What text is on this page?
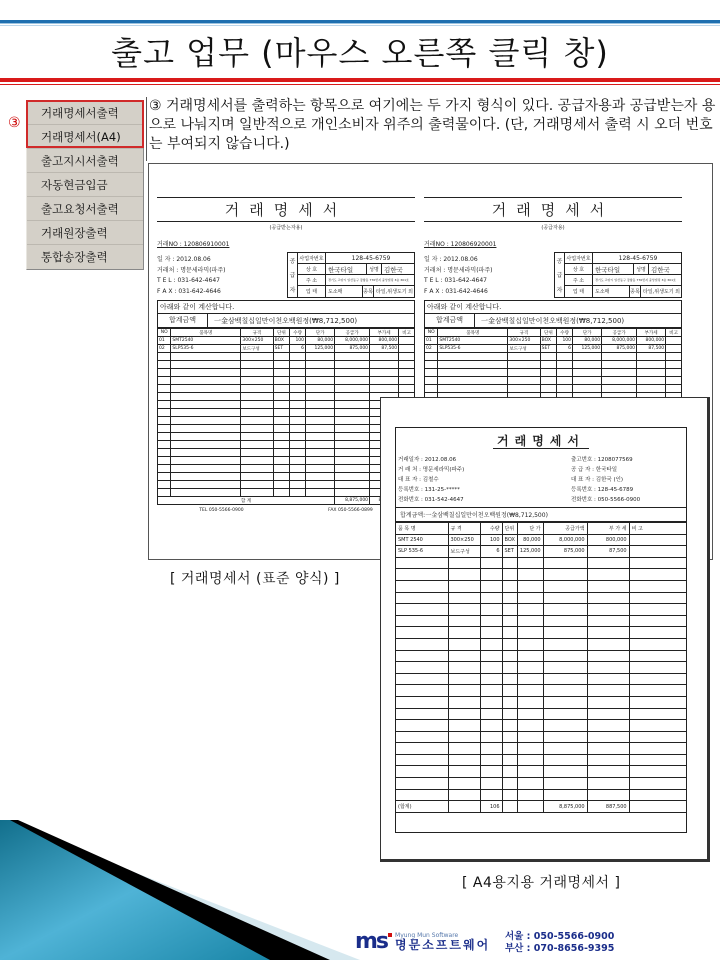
출고 업무 (마우스 오른쪽 클릭 창)
③
거래명세서출력
거래명세서(A4)
출고지시서출력
자동현금입금
출고요청서출력
거래원장출력
통합송장출력

③ 거래명세서를 출력하는 항목으로 여기에는 두 가지 형식이 있다. 공급자용과 공급받는자 용으로 나눠지며 일반적으로 개인소비자 위주의 출력물이다. (단, 거래명세서 출력 시 오더 번호는 부여되지 않습니다.)

거래명세서
(공급받는자용)
거래NO : 120806910001
일 자 : 2012.08.06
거래처 : 명문세라믹(파주)
T E L : 031-642-4647
F A X : 031-642-4646
공
급
자
사업자번호	128-45-6759
상 호	한국타일	성명 김한국
주 소	경기도 고양시 일산동구 장항동 770번지 중앙빌딩 3층 301호
업 태	도소매	종목 타일,위생도기 외
아래와 같이 계산합니다.
합계금액	一金삼백칠십일만이천오백원정(₩8,712,500)
NO	품목명	규격	단위	수량	단가	공급가	부가세	비고
01	SMT2540	300×250	BOX	100	80,000	8,000,000	800,000	
02	SLP535-6	보드구성	SET	6	125,000	875,000	87,500	

합 계						8,875,000		
TEL 050-5566-0900	FAX 050-5566-0899
거래명세서
(공급자용)
거래NO : 120806920001
일 자 : 2012.08.06
거래처 : 명문세라믹(파주)
T E L : 031-642-4647
F A X : 031-642-4646
공
급
자
사업자번호	128-45-6759
상 호	한국타일	성명 김한국
주 소	경기도 고양시 일산동구 장항동 770번지 중앙빌딩 3층 301호
업 태	도소매	종목 타일,위생도기 외
아래와 같이 계산합니다.
합계금액	一金삼백칠십일만이천오백원정(₩8,712,500)
NO	품목명	규격	단위	수량	단가	공급가	부가세	비고
01	SMT2540	300×250	BOX	100	80,000	8,000,000	800,000	
02	SLP535-6	보드구성	SET	6	125,000	875,000	87,500	

거래명세서
거래일자 : 2012.08.06
거 래 처 : 명문세라믹(파주)
대 표 자 : 김철수
등록번호 : 131-25-*****
전화번호 : 031-542-4647
출고번호 : 1208077569
공 급 자 : 한국타일
대 표 자 : 김한국 (인)
등록번호 : 128-45-6789
전화번호 : 050-5566-0900
합계금액:一金삼백칠십일만이천오백원정(₩8,712,500)
품 목 명	규 격	수량	단위	단 가	공급가액	부 가 세	비 고
SMT 2540	300×250	100	BOX	80,000	8,000,000	800,000	
SLP 535-6	보드구성	6	SET	125,000	875,000	87,500	

(합계)		106			8,875,000	887,500	
[ 거래명세서 (표준 양식) ]
[ A4용지용 거래명세서 ]
ms Myung Mun Software
명문소프트웨어
서울 : 050-5566-0900
부산 : 070-8656-9395
